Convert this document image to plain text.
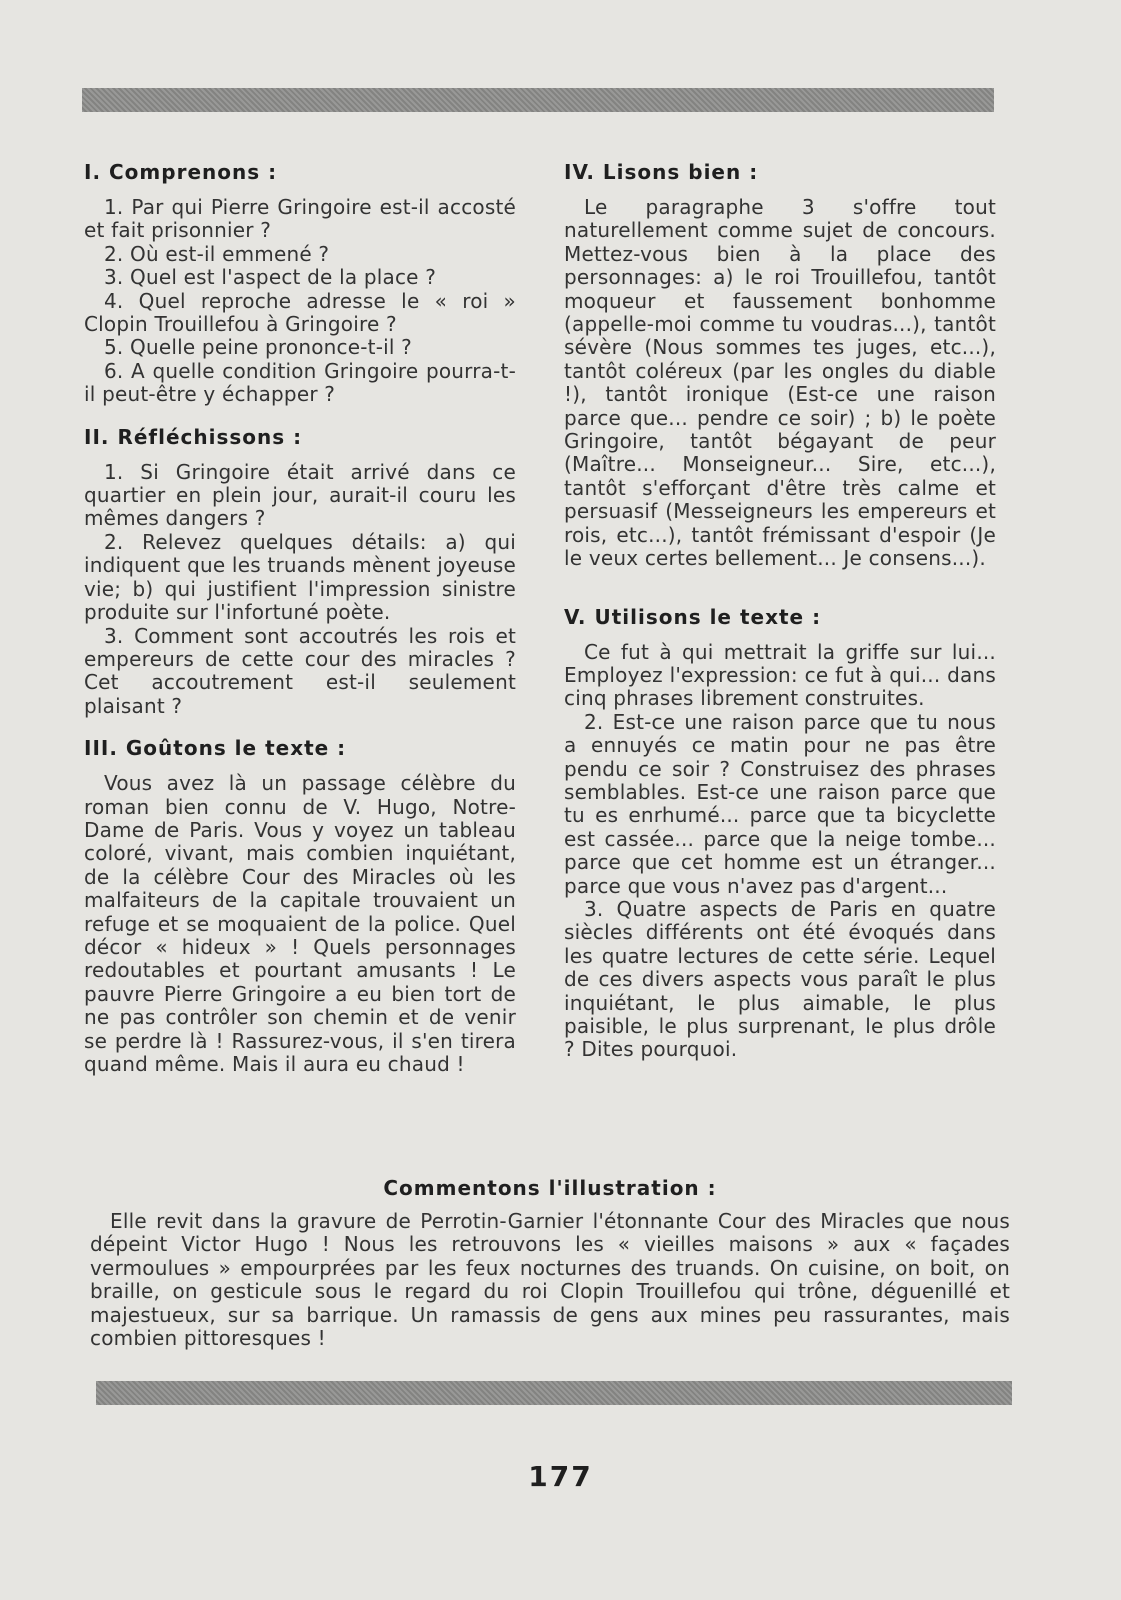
I. Comprenons :

1. Par qui Pierre Gringoire est-il accosté et fait prisonnier ?

2. Où est-il emmené ?

3. Quel est l'aspect de la place ?

4. Quel reproche adresse le « roi » Clopin Trouillefou à Gringoire ?

5. Quelle peine prononce-t-il ?

6. A quelle condition Gringoire pourra-t-il peut-être y échapper ?

II. Réfléchissons :

1. Si Gringoire était arrivé dans ce quartier en plein jour, aurait-il couru les mêmes dangers ?

2. Relevez quelques détails: a) qui indiquent que les truands mènent joyeuse vie; b) qui justifient l'impression sinistre produite sur l'infortuné poète.

3. Comment sont accoutrés les rois et empereurs de cette cour des miracles ? Cet accoutrement est-il seulement plaisant ?

III. Goûtons le texte :

Vous avez là un passage célèbre du roman bien connu de V. Hugo, Notre-Dame de Paris. Vous y voyez un tableau coloré, vivant, mais combien inquiétant, de la célèbre Cour des Miracles où les malfaiteurs de la capitale trouvaient un refuge et se moquaient de la police. Quel décor « hideux » ! Quels personnages redoutables et pourtant amusants ! Le pauvre Pierre Gringoire a eu bien tort de ne pas contrôler son chemin et de venir se perdre là ! Rassurez-vous, il s'en tirera quand même. Mais il aura eu chaud !

IV. Lisons bien :

Le paragraphe 3 s'offre tout naturellement comme sujet de concours. Mettez-vous bien à la place des personnages: a) le roi Trouillefou, tantôt moqueur et faussement bonhomme (appelle-moi comme tu voudras...), tantôt sévère (Nous sommes tes juges, etc...), tantôt coléreux (par les ongles du diable !), tantôt ironique (Est-ce une raison parce que... pendre ce soir) ; b) le poète Gringoire, tantôt bégayant de peur (Maître... Monseigneur... Sire, etc...), tantôt s'efforçant d'être très calme et persuasif (Messeigneurs les empereurs et rois, etc...), tantôt frémissant d'espoir (Je le veux certes bellement... Je consens...).

V. Utilisons le texte :

Ce fut à qui mettrait la griffe sur lui... Employez l'expression: ce fut à qui... dans cinq phrases librement construites.

2. Est-ce une raison parce que tu nous a ennuyés ce matin pour ne pas être pendu ce soir ? Construisez des phrases semblables. Est-ce une raison parce que tu es enrhumé... parce que ta bicyclette est cassée... parce que la neige tombe... parce que cet homme est un étranger... parce que vous n'avez pas d'argent...

3. Quatre aspects de Paris en quatre siècles différents ont été évoqués dans les quatre lectures de cette série. Lequel de ces divers aspects vous paraît le plus inquiétant, le plus aimable, le plus paisible, le plus surprenant, le plus drôle ? Dites pourquoi.

Commentons l'illustration :

Elle revit dans la gravure de Perrotin-Garnier l'étonnante Cour des Miracles que nous dépeint Victor Hugo ! Nous les retrouvons les « vieilles maisons » aux « façades vermoulues » empourprées par les feux nocturnes des truands. On cuisine, on boit, on braille, on gesticule sous le regard du roi Clopin Trouillefou qui trône, déguenillé et majestueux, sur sa barrique. Un ramassis de gens aux mines peu rassurantes, mais combien pittoresques !

177
